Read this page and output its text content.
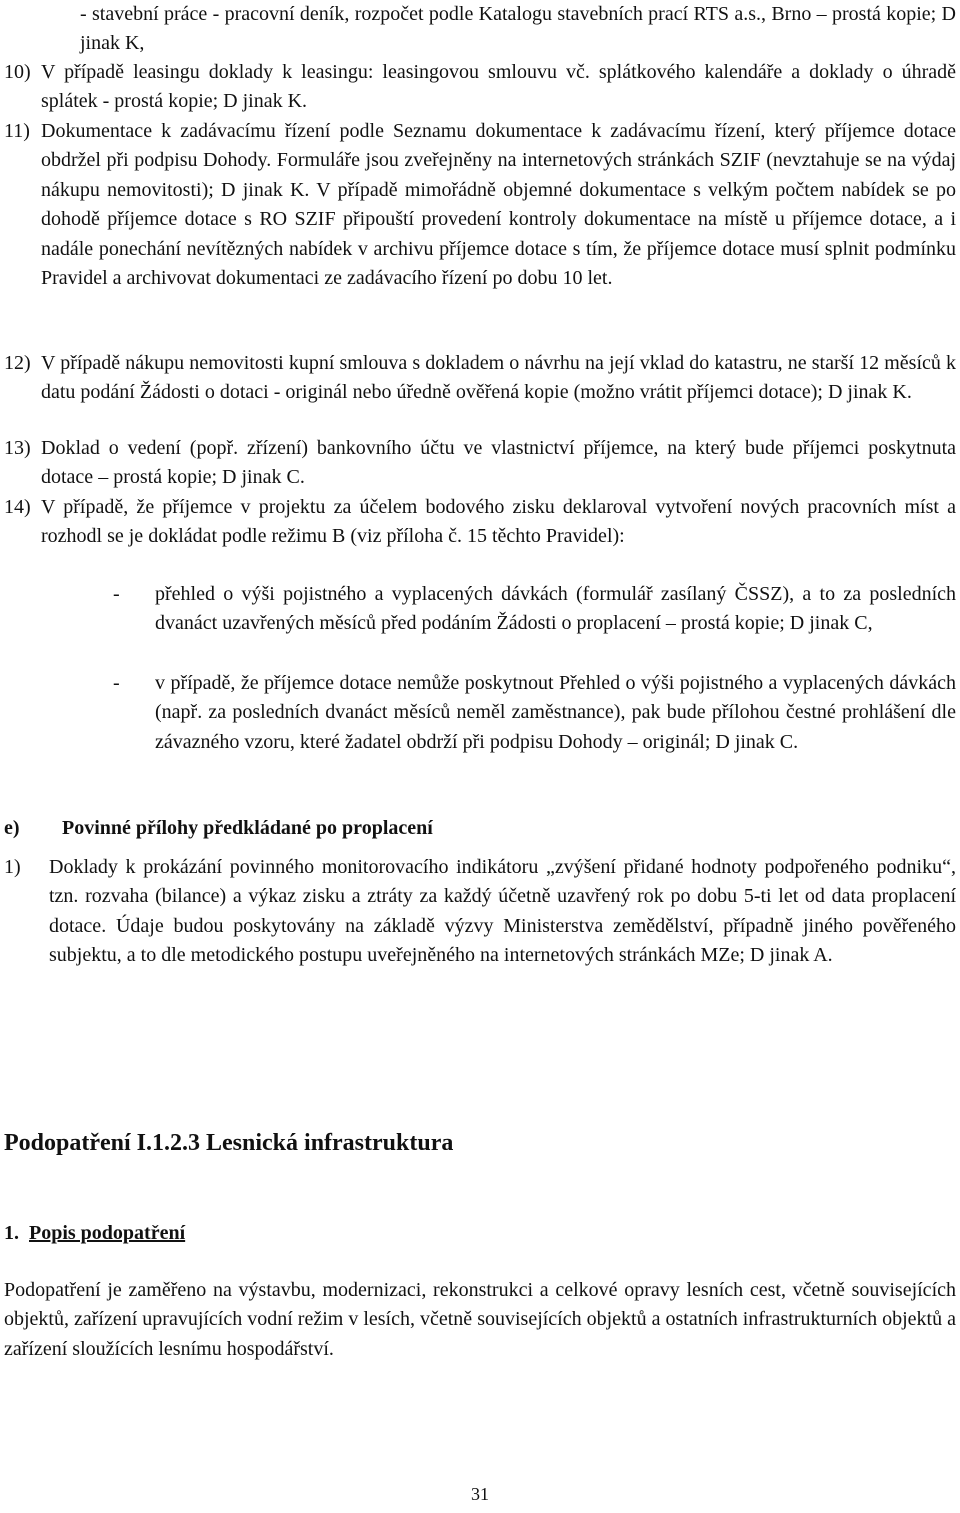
- stavební práce - pracovní deník, rozpočet podle Katalogu stavebních prací RTS a.s., Brno – prostá kopie; D jinak K,
10) V případě leasingu doklady k leasingu: leasingovou smlouvu vč. splátkového kalendáře a doklady o úhradě splátek - prostá kopie; D jinak K.
11) Dokumentace k zadávacímu řízení podle Seznamu dokumentace k zadávacímu řízení, který příjemce dotace obdržel při podpisu Dohody. Formuláře jsou zveřejněny na internetových stránkách SZIF (nevztahuje se na výdaj nákupu nemovitosti); D jinak K. V případě mimořádně objemné dokumentace s velkým počtem nabídek se po dohodě příjemce dotace s RO SZIF připouští provedení kontroly dokumentace na místě u příjemce dotace, a i nadále ponechání nevítězných nabídek v archivu příjemce dotace s tím, že příjemce dotace musí splnit podmínku Pravidel a archivovat dokumentaci ze zadávacího řízení po dobu 10 let.
12) V případě nákupu nemovitosti kupní smlouva s dokladem o návrhu na její vklad do katastru, ne starší 12 měsíců k datu podání Žádosti o dotaci - originál nebo úředně ověřená kopie (možno vrátit příjemci dotace); D jinak K.
13) Doklad o vedení (popř. zřízení) bankovního účtu ve vlastnictví příjemce, na který bude příjemci poskytnuta dotace – prostá kopie; D jinak C.
14) V případě, že příjemce v projektu za účelem bodového zisku deklaroval vytvoření nových pracovních míst a rozhodl se je dokládat podle režimu B (viz příloha č. 15 těchto Pravidel):
- přehled o výši pojistného a vyplacených dávkách (formulář zasílaný ČSSZ), a to za posledních dvanáct uzavřených měsíců před podáním Žádosti o proplacení – prostá kopie; D jinak C,
- v případě, že příjemce dotace nemůže poskytnout Přehled o výši pojistného a vyplacených dávkách (např. za posledních dvanáct měsíců neměl zaměstnance), pak bude přílohou čestné prohlášení dle závazného vzoru, které žadatel obdrží při podpisu Dohody – originál; D jinak C.
e) Povinné přílohy předkládané po proplacení
1) Doklady k prokázání povinného monitorovacího indikátoru „zvýšení přidané hodnoty podpořeného podniku“, tzn. rozvaha (bilance) a výkaz zisku a ztráty za každý účetně uzavřený rok po dobu 5-ti let od data proplacení dotace. Údaje budou poskytovány na základě výzvy Ministerstva zemědělství, případně jiného pověřeného subjektu, a to dle metodického postupu uveřejněného na internetových stránkách MZe; D jinak A.
Podopatření I.1.2.3 Lesnická infrastruktura
1. Popis podopatření
Podopatření je zaměřeno na výstavbu, modernizaci, rekonstrukci a celkové opravy lesních cest, včetně souvisejících objektů, zařízení upravujících vodní režim v lesích, včetně souvisejících objektů a ostatních infrastrukturních objektů a zařízení sloužících lesnímu hospodářství.
31
